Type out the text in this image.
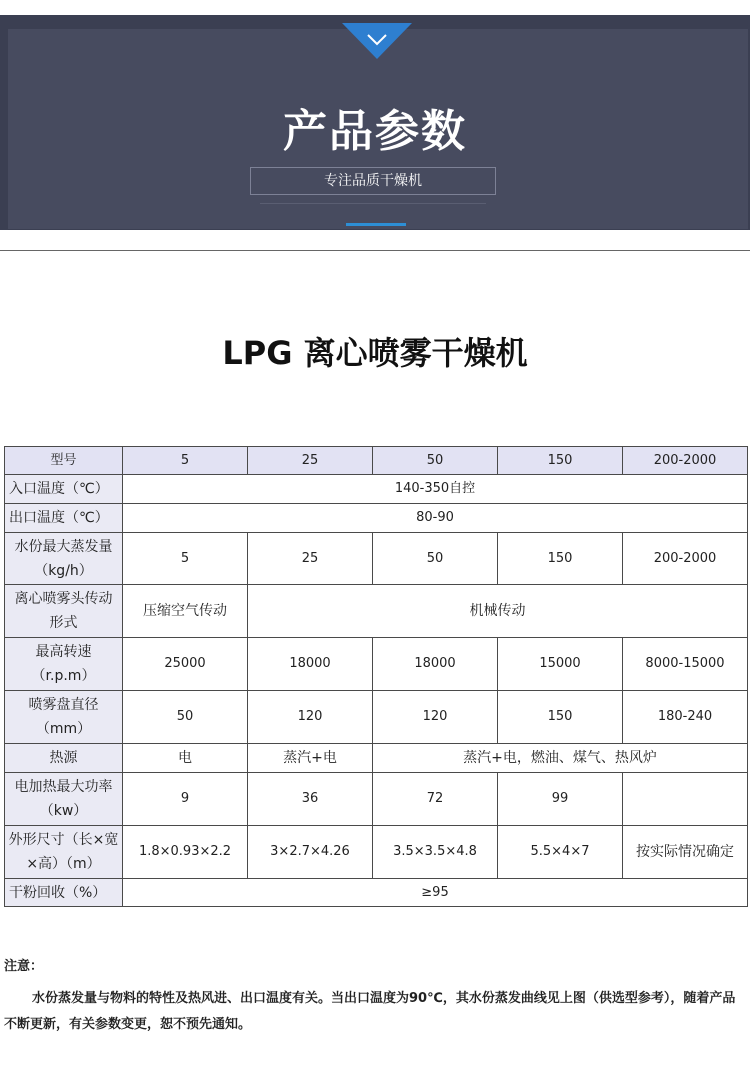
产品参数
专注品质干燥机
LPG 离心喷雾干燥机
型号	5	25	50	150	200-2000
入口温度（℃）	140-350自控				
出口温度（℃）	80-90				

水份最大蒸发量
（kg/h）	5	25	50	150	200-2000

离心喷雾头传动
形式	压缩空气传动	机械传动			

最高转速
（r.p.m）	25000	18000	18000	15000	8000-15000

喷雾盘直径
（mm）	50	120	120	150	180-240
热源	电	蒸汽+电	蒸汽+电，燃油、煤气、热风炉		

电加热最大功率
（kw）	9	36	72	99	

外形尺寸（长×宽
×高）（m）	1.8×0.93×2.2	3×2.7×4.26	3.5×3.5×4.8	5.5×4×7	按实际情况确定
干粉回收（%）	≥95				
注意：
水份蒸发量与物料的特性及热风进、出口温度有关。当出口温度为90℃，其水份蒸发曲线见上图（供选型参考），随着产品不断更新，有关参数变更，恕不预先通知。
